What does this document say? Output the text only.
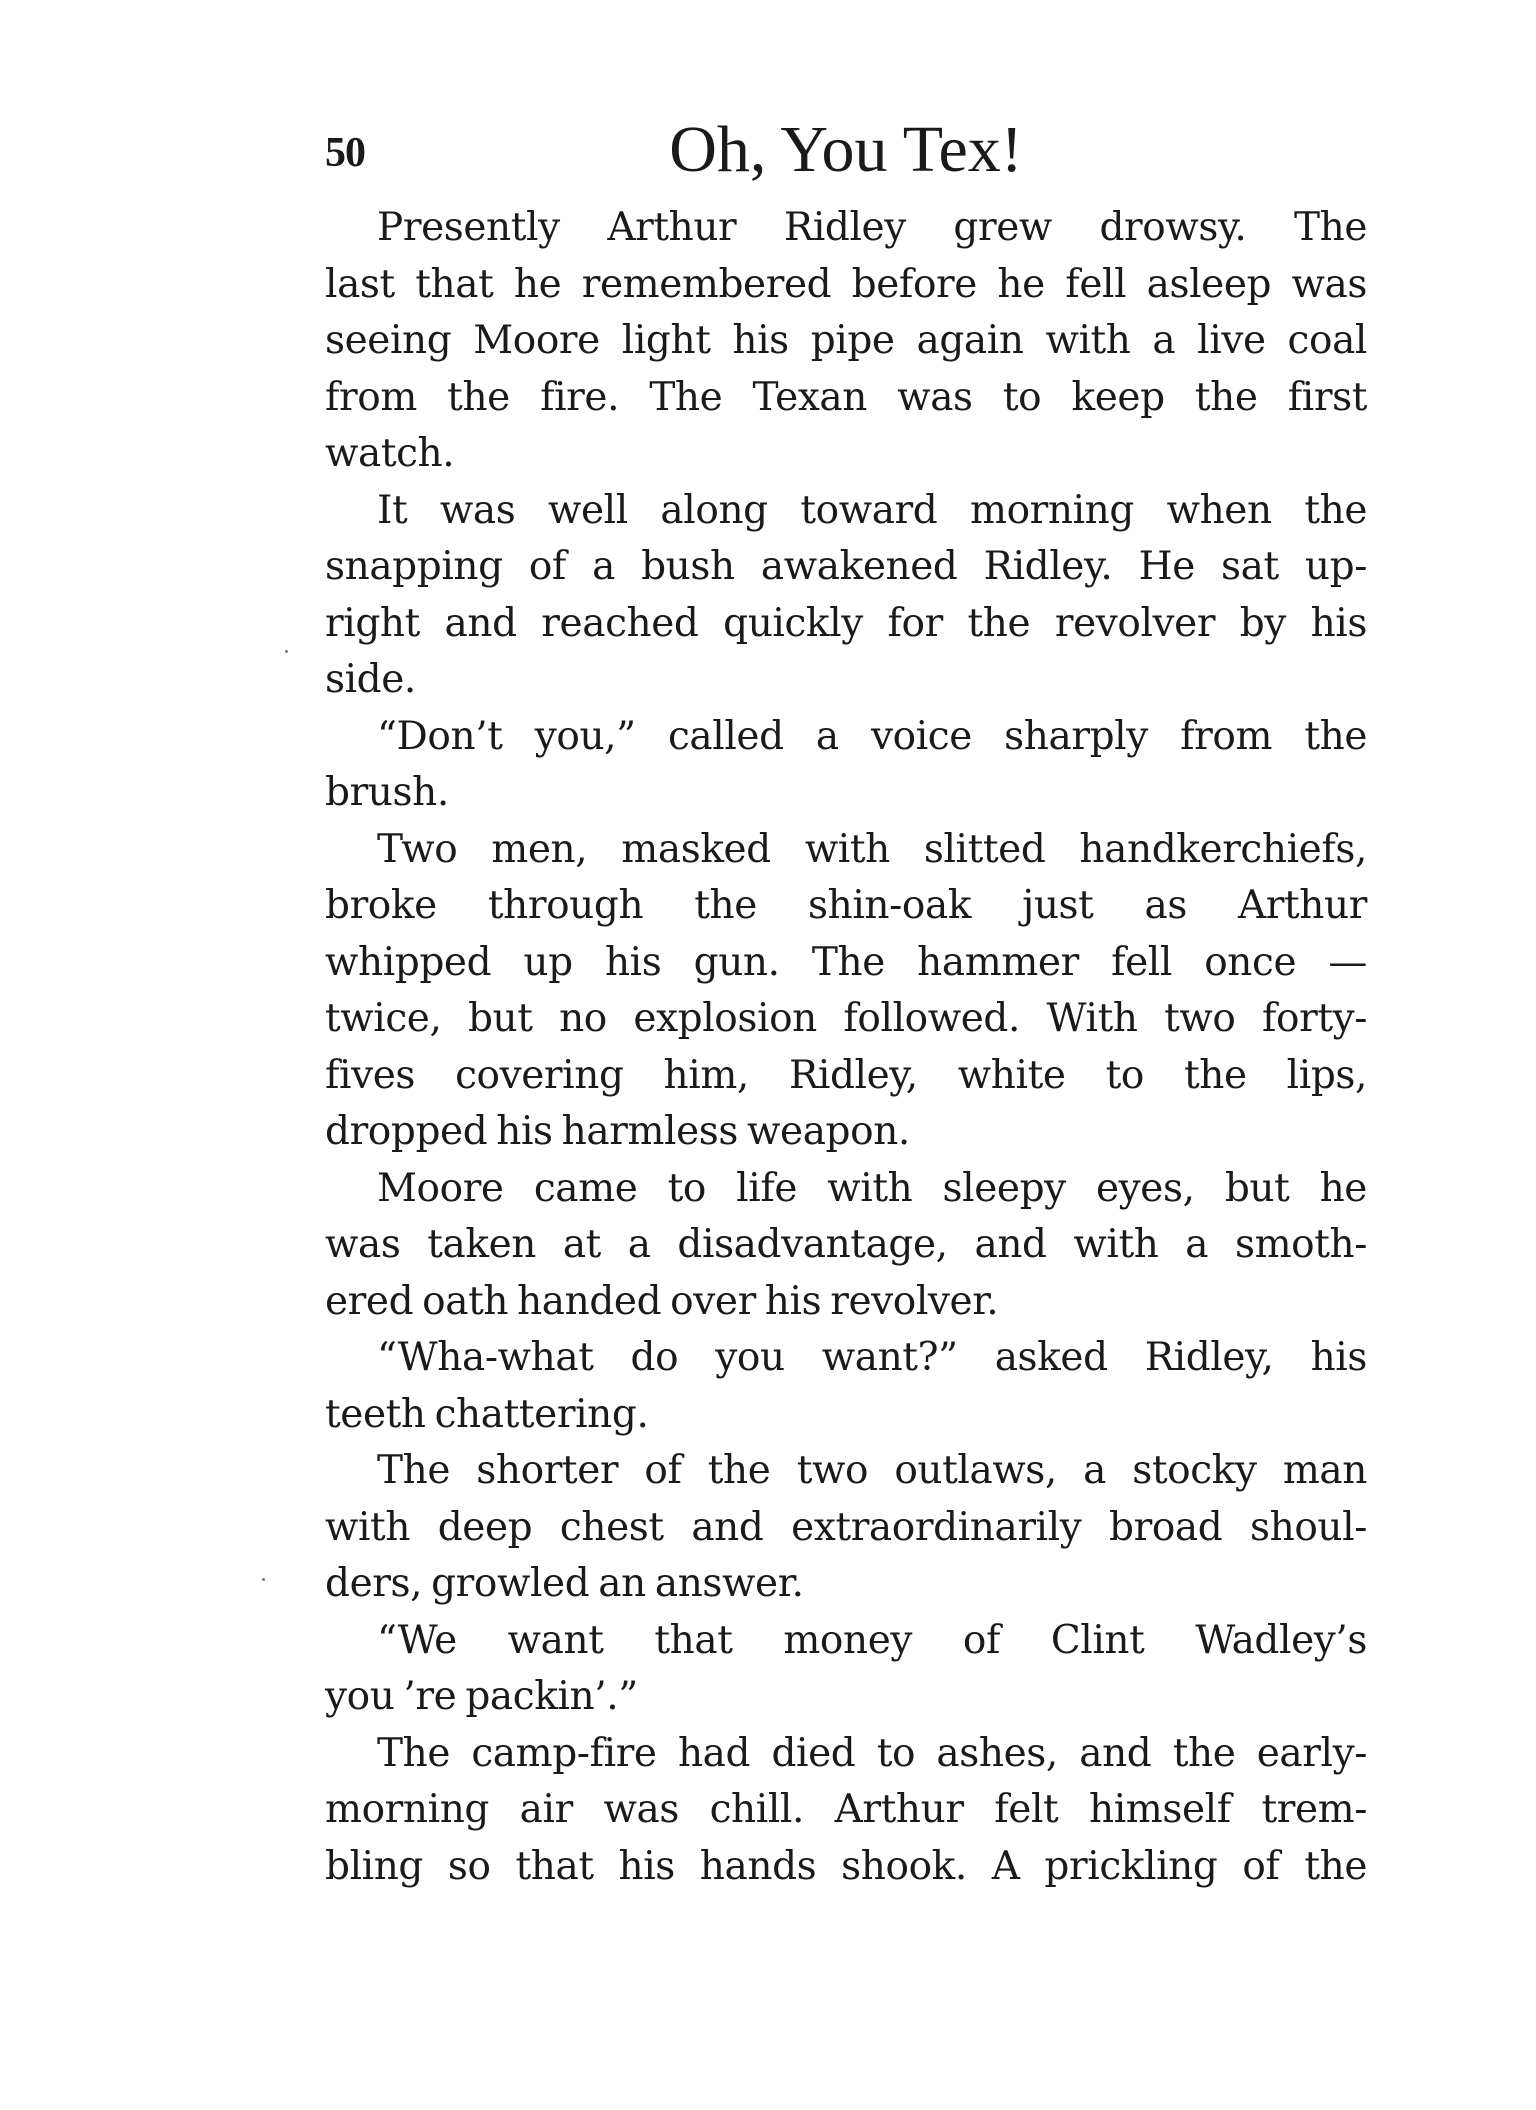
50	Oh, You Tex!
Presently Arthur Ridley grew drowsy. The
last that he remembered before he fell asleep was
seeing Moore light his pipe again with a live coal
from the fire. The Texan was to keep the first
watch.
It was well along toward morning when the
snapping of a bush awakened Ridley. He sat up-
right and reached quickly for the revolver by his
side.
“Don’t you,” called a voice sharply from the
brush.
Two men, masked with slitted handkerchiefs,
broke through the shin-oak just as Arthur
whipped up his gun. The hammer fell once —
twice, but no explosion followed. With two forty-
fives covering him, Ridley, white to the lips,
dropped his harmless weapon.
Moore came to life with sleepy eyes, but he
was taken at a disadvantage, and with a smoth-
ered oath handed over his revolver.
“Wha-what do you want?” asked Ridley, his
teeth chattering.
The shorter of the two outlaws, a stocky man
with deep chest and extraordinarily broad shoul-
ders, growled an answer.
“We want that money of Clint Wadley’s
you ’re packin’.”
The camp-fire had died to ashes, and the early-
morning air was chill. Arthur felt himself trem-
bling so that his hands shook. A prickling of the
